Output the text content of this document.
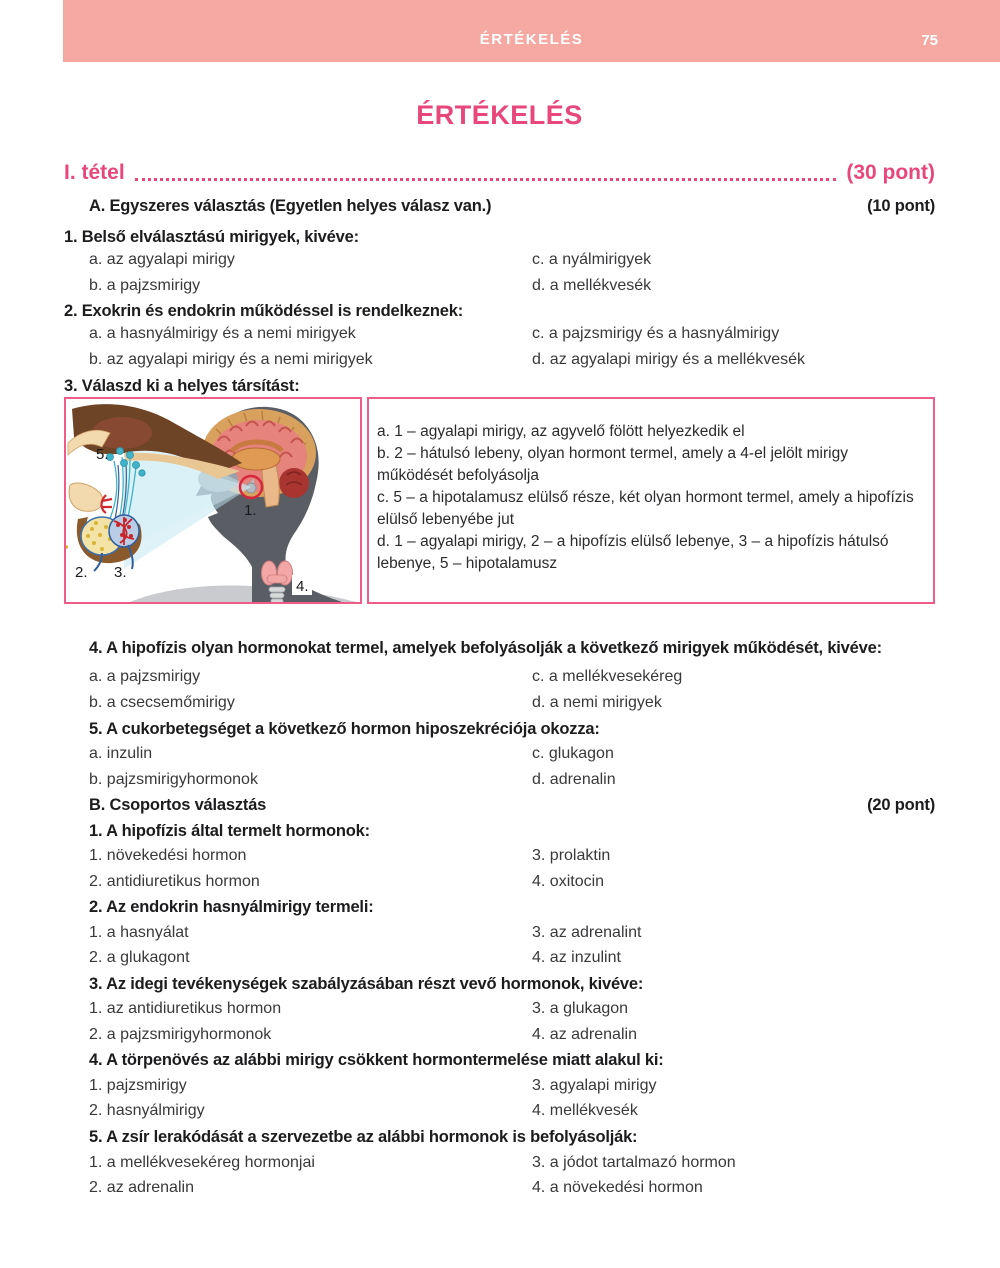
ÉRTÉKELÉS	75
ÉRTÉKELÉS
I. tétel	(30 pont)
A. Egyszeres választás (Egyetlen helyes válasz van.)	(10 pont)
1. Belső elválasztású mirigyek, kivéve:
a. az agyalapi mirigy	c. a nyálmirigyek
b. a pajzsmirigy	d. a mellékvesék
2. Exokrin és endokrin működéssel is rendelkeznek:
a. a hasnyálmirigy és a nemi mirigyek	c. a pajzsmirigy és a hasnyálmirigy
b. az agyalapi mirigy és a nemi mirigyek	d. az agyalapi mirigy és a mellékvesék
3. Válaszd ki a helyes társítást:
5.
1.
2. 3.
4.

a. 1 – agyalapi mirigy, az agyvelő fölött helyezkedik el

b. 2 – hátulsó lebeny, olyan hormont termel, amely a 4-el jelölt mirigy működését befolyásolja

c. 5 – a hipotalamusz elülső része, két olyan hormont termel, amely a hipofízis elülső lebenyébe jut

d. 1 – agyalapi mirigy, 2 – a hipofízis elülső lebenye, 3 – a hipofízis hátulsó lebenye, 5 – hipotalamusz

4. A hipofízis olyan hormonokat termel, amelyek befolyásolják a következő mirigyek működését, kivéve:
a. a pajzsmirigy	c. a mellékvesekéreg
b. a csecsemőmirigy	d. a nemi mirigyek
5. A cukorbetegséget a következő hormon hiposzekréciója okozza:
a. inzulin	c. glukagon
b. pajzsmirigyhormonok	d. adrenalin
B. Csoportos választás	(20 pont)
1. A hipofízis által termelt hormonok:
1. növekedési hormon	3. prolaktin
2. antidiuretikus hormon	4. oxitocin
2. Az endokrin hasnyálmirigy termeli:
1. a hasnyálat	3. az adrenalint
2. a glukagont	4. az inzulint
3. Az idegi tevékenységek szabályzásában részt vevő hormonok, kivéve:
1. az antidiuretikus hormon	3. a glukagon
2. a pajzsmirigyhormonok	4. az adrenalin
4. A törpenövés az alábbi mirigy csökkent hormontermelése miatt alakul ki:
1. pajzsmirigy	3. agyalapi mirigy
2. hasnyálmirigy	4. mellékvesék
5. A zsír lerakódását a szervezetbe az alábbi hormonok is befolyásolják:
1. a mellékvesekéreg hormonjai	3. a jódot tartalmazó hormon
2. az adrenalin	4. a növekedési hormon
